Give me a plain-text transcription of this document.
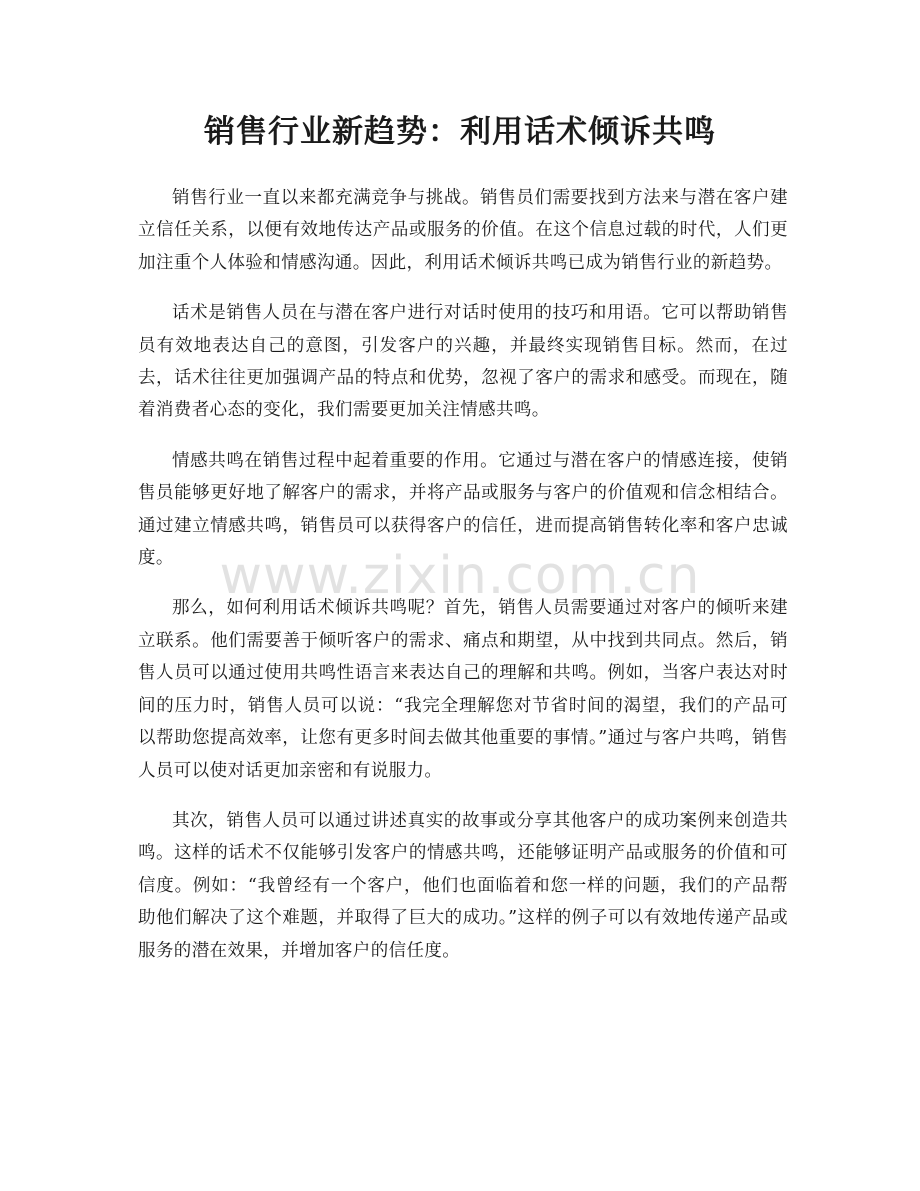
销售行业新趋势：利用话术倾诉共鸣

销售行业一直以来都充满竞争与挑战。销售员们需要找到方法来与潜在客户建立信任关系，以便有效地传达产品或服务的价值。在这个信息过载的时代，人们更加注重个人体验和情感沟通。因此，利用话术倾诉共鸣已成为销售行业的新趋势。

话术是销售人员在与潜在客户进行对话时使用的技巧和用语。它可以帮助销售员有效地表达自己的意图，引发客户的兴趣，并最终实现销售目标。然而，在过去，话术往往更加强调产品的特点和优势，忽视了客户的需求和感受。而现在，随着消费者心态的变化，我们需要更加关注情感共鸣。

情感共鸣在销售过程中起着重要的作用。它通过与潜在客户的情感连接，使销售员能够更好地了解客户的需求，并将产品或服务与客户的价值观和信念相结合。通过建立情感共鸣，销售员可以获得客户的信任，进而提高销售转化率和客户忠诚度。

那么，如何利用话术倾诉共鸣呢？首先，销售人员需要通过对客户的倾听来建立联系。他们需要善于倾听客户的需求、痛点和期望，从中找到共同点。然后，销售人员可以通过使用共鸣性语言来表达自己的理解和共鸣。例如，当客户表达对时间的压力时，销售人员可以说：“我完全理解您对节省时间的渴望，我们的产品可以帮助您提高效率，让您有更多时间去做其他重要的事情。”通过与客户共鸣，销售人员可以使对话更加亲密和有说服力。

其次，销售人员可以通过讲述真实的故事或分享其他客户的成功案例来创造共鸣。这样的话术不仅能够引发客户的情感共鸣，还能够证明产品或服务的价值和可信度。例如：“我曾经有一个客户，他们也面临着和您一样的问题，我们的产品帮助他们解决了这个难题，并取得了巨大的成功。”这样的例子可以有效地传递产品或服务的潜在效果，并增加客户的信任度。

www.zixin.com.cn
